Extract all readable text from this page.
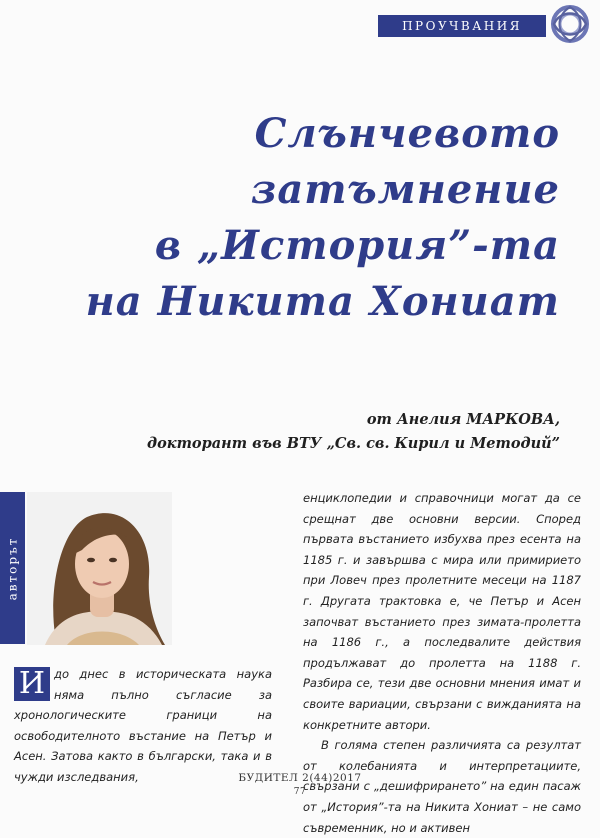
ПРОУЧВАНИЯ
Слънчевото затъмнение
в „История”-та
на Никита Хониат
от Анелия МАРКОВА,
докторант във ВТУ „Св. св. Кирил и Методий”
авторът
И до днес в историческата наука няма пълно съгласие за хронологическите граници на освободителното въстание на Петър и Асен. Затова както в български, така и в чужди изследвания,

енциклопедии и справочници могат да се срещнат две основни версии. Според първата въстанието избухва през есента на 1185 г. и завършва с мира или примирието при Ловеч през пролетните месеци на 1187 г. Другата трактовка е, че Петър и Асен започват въстанието през зимата-пролетта на 1186 г., а последвалите действия продължават до пролетта на 1188 г. Разбира се, тези две основни мнения имат и своите вариации, свързани с вижданията на конкретните автори.

В голяма степен различията са резултат от колебанията и интерпретациите, свързани с „дешифрирането” на един пасаж от „История”-та на Никита Хониат – не само съвременник, но и активен

БУДИТЕЛ 2(44)2017
77
